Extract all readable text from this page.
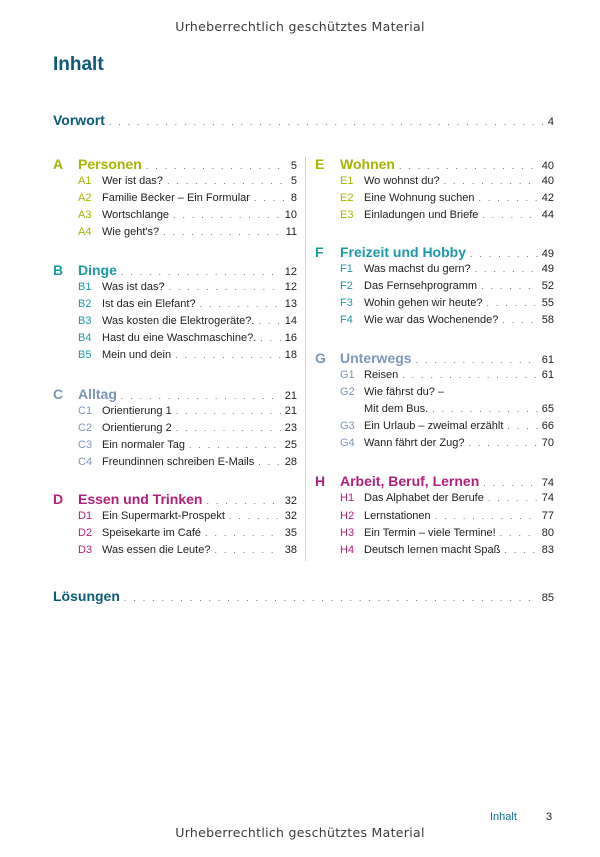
Urheberrechtlich geschütztes Material
Inhalt
Vorwort . . .	4
A	Personen . . .	5
A1 Wer ist das? . . .	5
A2 Familie Becker – Ein Formular . . .	8
A3 Wortschlange . . .	10
A4 Wie geht's? . . .	11
B	Dinge . . .	12
B1 Was ist das? . . .	12
B2 Ist das ein Elefant? . . .	13
B3 Was kosten die Elektrogeräte?. . . .	14
B4 Hast du eine Waschmaschine?. . . .	16
B5 Mein und dein . . .	18
C	Alltag . . .	21
C1 Orientierung 1 . . .	21
C2 Orientierung 2 . . .	23
C3 Ein normaler Tag . . .	25
C4 Freundinnen schreiben E-Mails . . .	28
D	Essen und Trinken . . .	32
D1 Ein Supermarkt-Prospekt . . .	32
D2 Speisekarte im Café . . .	35
D3 Was essen die Leute? . . .	38
E	Wohnen . . .	40
E1 Wo wohnst du? . . .	40
E2 Eine Wohnung suchen . . .	42
E3 Einladungen und Briefe . . .	44
F	Freizeit und Hobby . . .	49
F1	Was machst du gern? . . .	49
F2	Das Fernsehprogramm . . .	52
F3	Wohin gehen wir heute? . . .	55
F4	Wie war das Wochenende? . . .	58
G	Unterwegs . . .	61
G1 Reisen . . .	61
G2 Wie fährst du? –
Mit dem Bus. . . .	65
G3 Ein Urlaub – zweimal erzählt . . .	66
G4 Wann fährt der Zug? . . .	70
H	Arbeit, Beruf, Lernen . . .	74
H1 Das Alphabet der Berufe . . .	74
H2 Lernstationen . . .	77
H3 Ein Termin – viele Termine! . . .	80
H4 Deutsch lernen macht Spaß . . .	83
Lösungen . . .	85
Inhalt	3
Urheberrechtlich geschütztes Material
